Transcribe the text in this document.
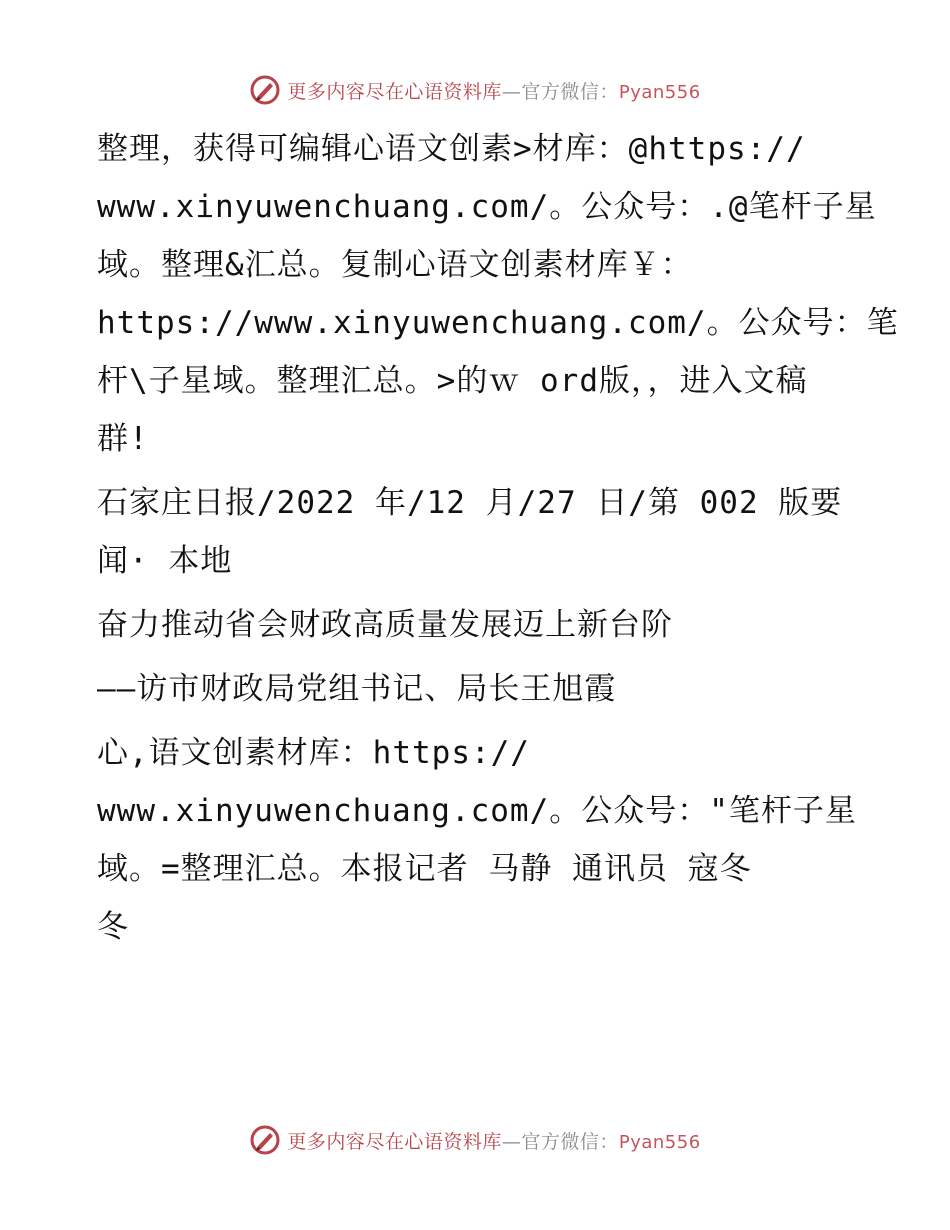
更多内容尽在心语资料库—官方微信：Pyan556
整理，获得可编辑心语文创素>材库：@https://
www.xinyuwenchuang.com/。公众号：.@笔杆子星
域。整理&汇总。复制心语文创素材库￥：
https://www.xinyuwenchuang.com/。公众号：笔
杆\子星域。整理汇总。>的ｗ ord版，，进入文稿
群!
石家庄日报/2022 年/12 月/27 日/第 002 版要
闻· 本地
奋力推动省会财政高质量发展迈上新台阶
——访市财政局党组书记、局长王旭霞
心,语文创素材库：https://
www.xinyuwenchuang.com/。公众号："笔杆子星
域。=整理汇总。本报记者 马静 通讯员 寇冬
冬
更多内容尽在心语资料库—官方微信：Pyan556
